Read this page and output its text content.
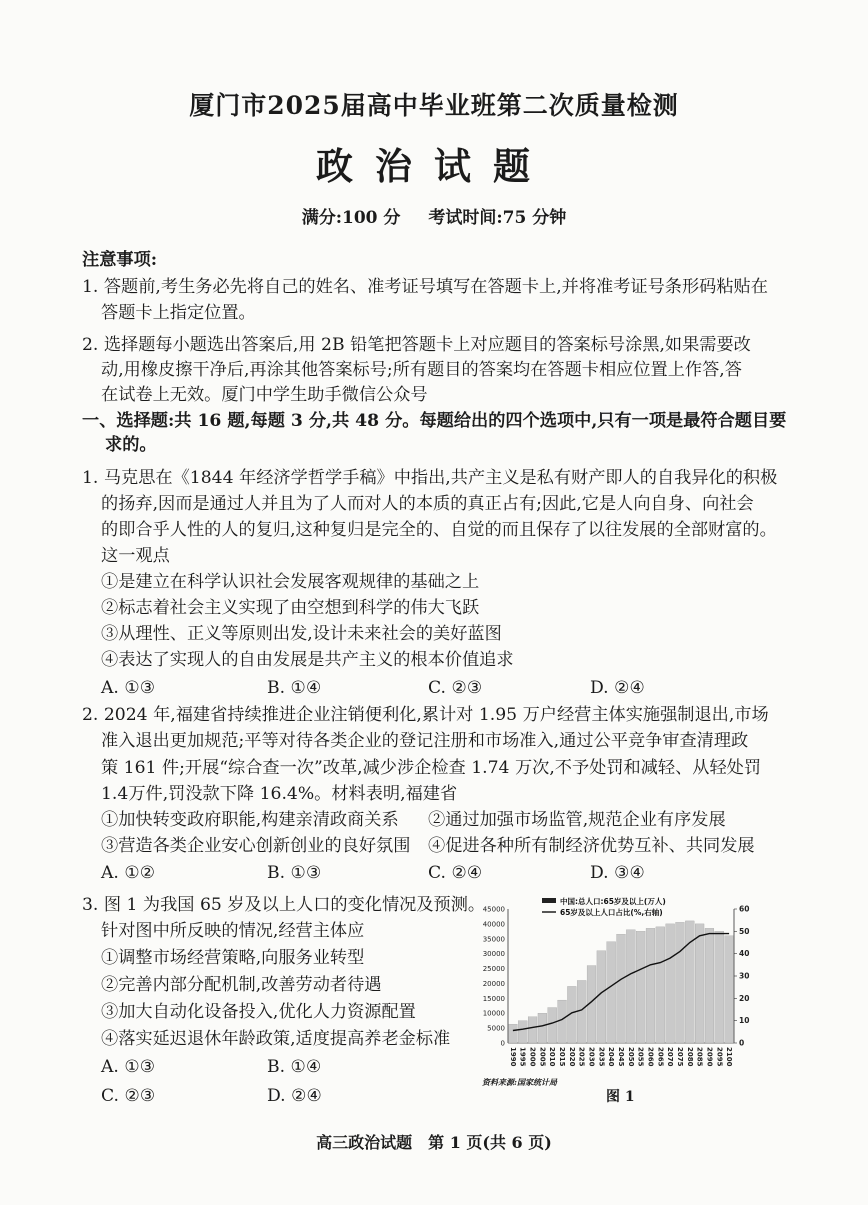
厦门市2025届高中毕业班第二次质量检测
政治试题
满分:100 分 考试时间:75 分钟
注意事项:
1. 答题前,考生务必先将自己的姓名、准考证号填写在答题卡上,并将准考证号条形码粘贴在
答题卡上指定位置。
2. 选择题每小题选出答案后,用 2B 铅笔把答题卡上对应题目的答案标号涂黑,如果需要改
动,用橡皮擦干净后,再涂其他答案标号;所有题目的答案均在答题卡相应位置上作答,答
在试卷上无效。厦门中学生助手微信公众号
一、选择题:共 16 题,每题 3 分,共 48 分。每题给出的四个选项中,只有一项是最符合题目要
求的。
1. 马克思在《1844 年经济学哲学手稿》中指出,共产主义是私有财产即人的自我异化的积极
的扬弃,因而是通过人并且为了人而对人的本质的真正占有;因此,它是人向自身、向社会
的即合乎人性的人的复归,这种复归是完全的、自觉的而且保存了以往发展的全部财富的。
这一观点
①是建立在科学认识社会发展客观规律的基础之上
②标志着社会主义实现了由空想到科学的伟大飞跃
③从理性、正义等原则出发,设计未来社会的美好蓝图
④表达了实现人的自由发展是共产主义的根本价值追求
A. ①③	B. ①④	C. ②③	D. ②④
2. 2024 年,福建省持续推进企业注销便利化,累计对 1.95 万户经营主体实施强制退出,市场
准入退出更加规范;平等对待各类企业的登记注册和市场准入,通过公平竞争审查清理政
策 161 件;开展“综合查一次”改革,减少涉企检查 1.74 万次,不予处罚和减轻、从轻处罚
1.4万件,罚没款下降 16.4%。材料表明,福建省
①加快转变政府职能,构建亲清政商关系 ②通过加强市场监管,规范企业有序发展
③营造各类企业安心创新创业的良好氛围 ④促进各种所有制经济优势互补、共同发展
A. ①②	B. ①③	C. ②④	D. ③④
3. 图 1 为我国 65 岁及以上人口的变化情况及预测。
针对图中所反映的情况,经营主体应
①调整市场经营策略,向服务业转型
②完善内部分配机制,改善劳动者待遇
③加大自动化设备投入,优化人力资源配置
④落实延迟退休年龄政策,适度提高养老金标准
A. ①③	B. ①④
C. ②③	D. ②④
0
5000
10000
15000
20000
25000
30000
35000
40000
45000
0
10
20
30
40
50
60
1990 1995 2000 2005 2010 2015 2020 2025 2030 2035 2040 2045 2050 2055 2060 2065 2070 2075 2080 2085 2090 2095 2100
中国:总人口:65岁及以上(万人)
65岁及以上人口占比(%,右轴)
资料来源:国家统计局
图 1
高三政治试题　第 1 页(共 6 页)
